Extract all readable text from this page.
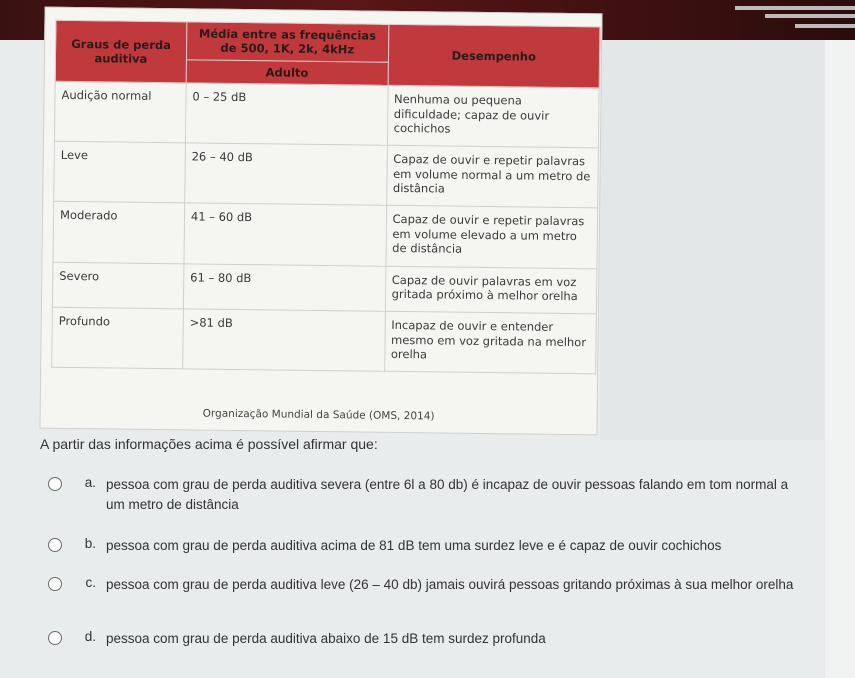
Graus de perda auditiva	Média entre as frequências de 500, 1K, 2k, 4kHz	Desempenho
	Adulto	
Audição normal	0 – 25 dB	Nenhuma ou pequena dificuldade; capaz de ouvir cochichos
Leve	26 – 40 dB	Capaz de ouvir e repetir palavras em volume normal a um metro de distância
Moderado	41 – 60 dB	Capaz de ouvir e repetir palavras em volume elevado a um metro de distância
Severo	61 – 80 dB	Capaz de ouvir palavras em voz gritada próximo à melhor orelha
Profundo	>81 dB	Incapaz de ouvir e entender mesmo em voz gritada na melhor orelha
Organização Mundial da Saúde (OMS, 2014)
A partir das informações acima é possível afirmar que:
a. pessoa com grau de perda auditiva severa (entre 6l a 80 db) é incapaz de ouvir pessoas falando em tom normal a um metro de distância
b. pessoa com grau de perda auditiva acima de 81 dB tem uma surdez leve e é capaz de ouvir cochichos
c. pessoa com grau de perda auditiva leve (26 – 40 db) jamais ouvirá pessoas gritando próximas à sua melhor orelha
d. pessoa com grau de perda auditiva abaixo de 15 dB tem surdez profunda
